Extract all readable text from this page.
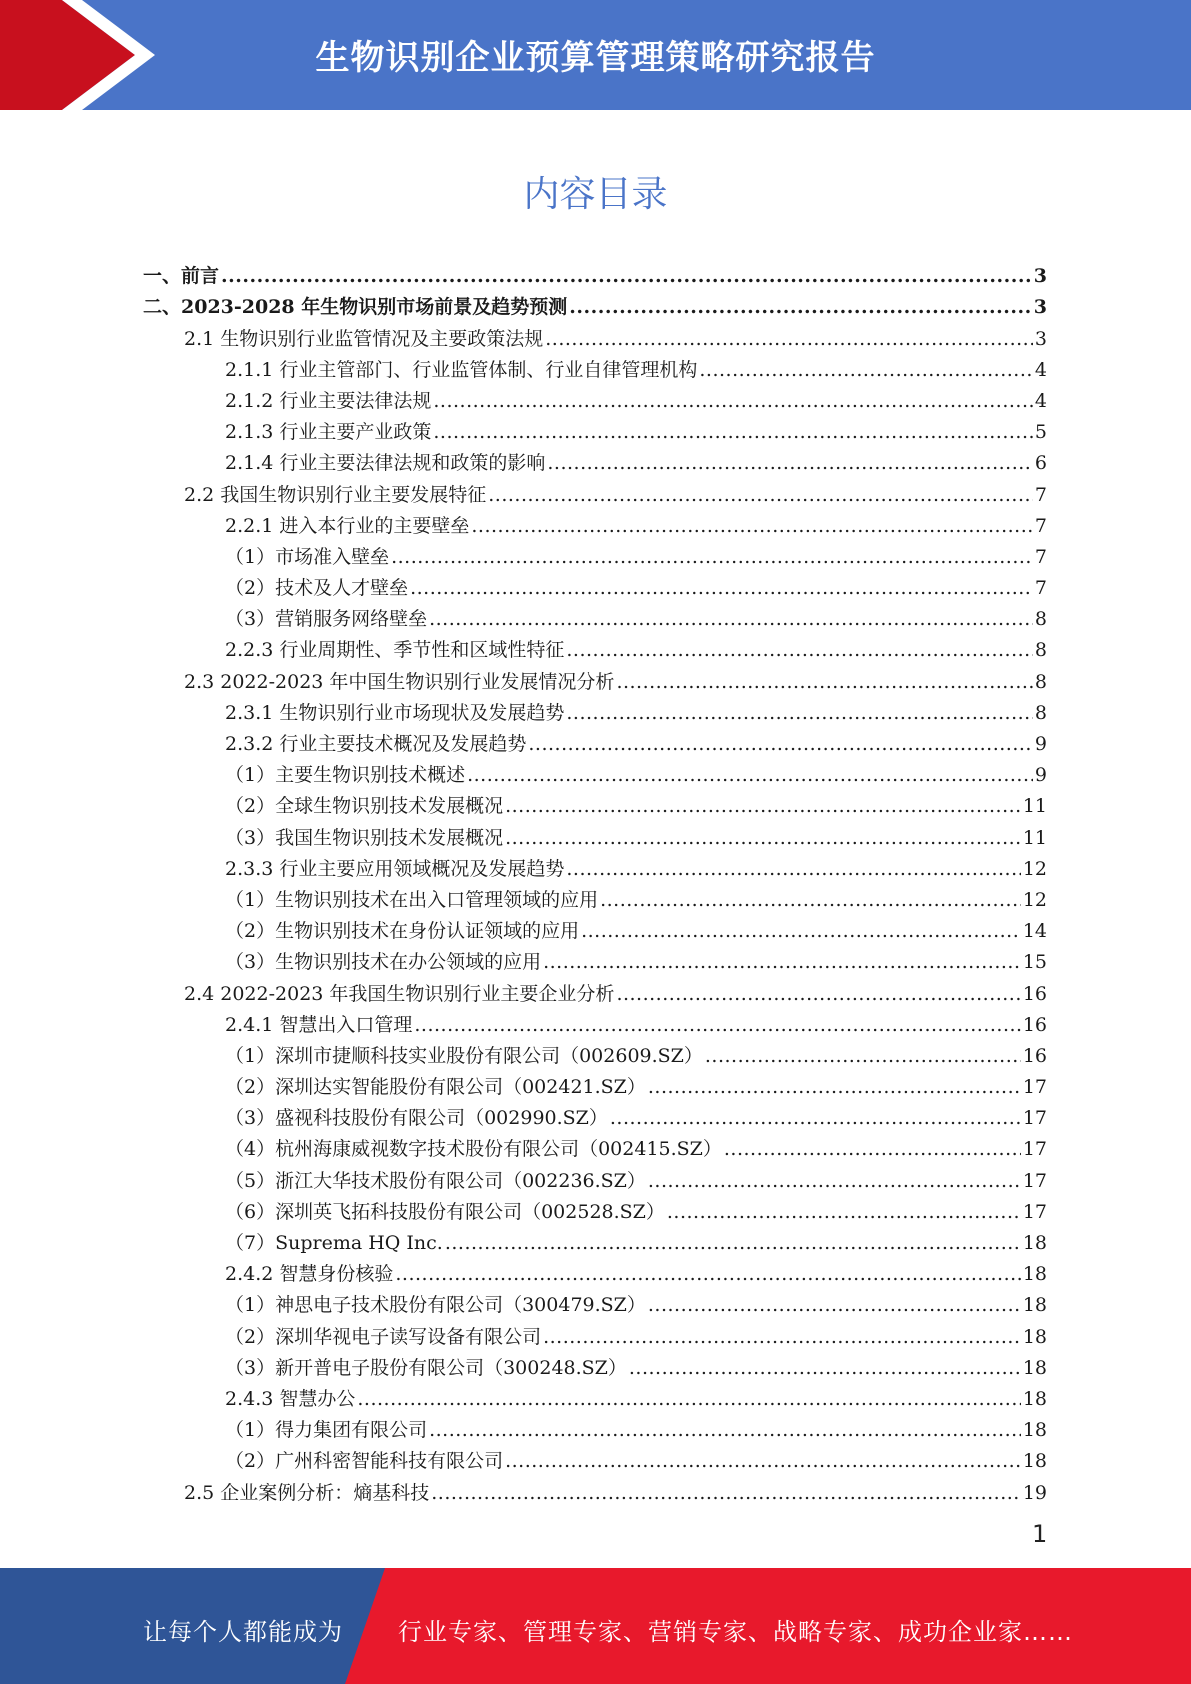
生物识别企业预算管理策略研究报告
内容目录
一、前言 .....	3
二、2023-2028 年生物识别市场前景及趋势预测 .....	3
2.1 生物识别行业监管情况及主要政策法规 .....	3
2.1.1 行业主管部门、行业监管体制、行业自律管理机构 .....	4
2.1.2 行业主要法律法规 .....	4
2.1.3 行业主要产业政策 .....	5
2.1.4 行业主要法律法规和政策的影响 .....	6
2.2 我国生物识别行业主要发展特征 .....	7
2.2.1 进入本行业的主要壁垒 .....	7
（1）市场准入壁垒 .....	7
（2）技术及人才壁垒 .....	7
（3）营销服务网络壁垒 .....	8
2.2.3 行业周期性、季节性和区域性特征 .....	8
2.3 2022-2023 年中国生物识别行业发展情况分析 .....	8
2.3.1 生物识别行业市场现状及发展趋势 .....	8
2.3.2 行业主要技术概况及发展趋势 .....	9
（1）主要生物识别技术概述 .....	9
（2）全球生物识别技术发展概况 .....	11
（3）我国生物识别技术发展概况 .....	11
2.3.3 行业主要应用领域概况及发展趋势 .....	12
（1）生物识别技术在出入口管理领域的应用 .....	12
（2）生物识别技术在身份认证领域的应用 .....	14
（3）生物识别技术在办公领域的应用 .....	15
2.4 2022-2023 年我国生物识别行业主要企业分析 .....	16
2.4.1 智慧出入口管理 .....	16
（1）深圳市捷顺科技实业股份有限公司（002609.SZ） .....	16
（2）深圳达实智能股份有限公司（002421.SZ） .....	17
（3）盛视科技股份有限公司（002990.SZ） .....	17
（4）杭州海康威视数字技术股份有限公司（002415.SZ） .....	17
（5）浙江大华技术股份有限公司（002236.SZ） .....	17
（6）深圳英飞拓科技股份有限公司（002528.SZ） .....	17
（7）Suprema HQ Inc. .....	18
2.4.2 智慧身份核验 .....	18
（1）神思电子技术股份有限公司（300479.SZ） .....	18
（2）深圳华视电子读写设备有限公司 .....	18
（3）新开普电子股份有限公司（300248.SZ） .....	18
2.4.3 智慧办公 .....	18
（1）得力集团有限公司 .....	18
（2）广州科密智能科技有限公司 .....	18
2.5 企业案例分析：熵基科技 .....	19
1
让每个人都能成为 行业专家、管理专家、营销专家、战略专家、成功企业家……
